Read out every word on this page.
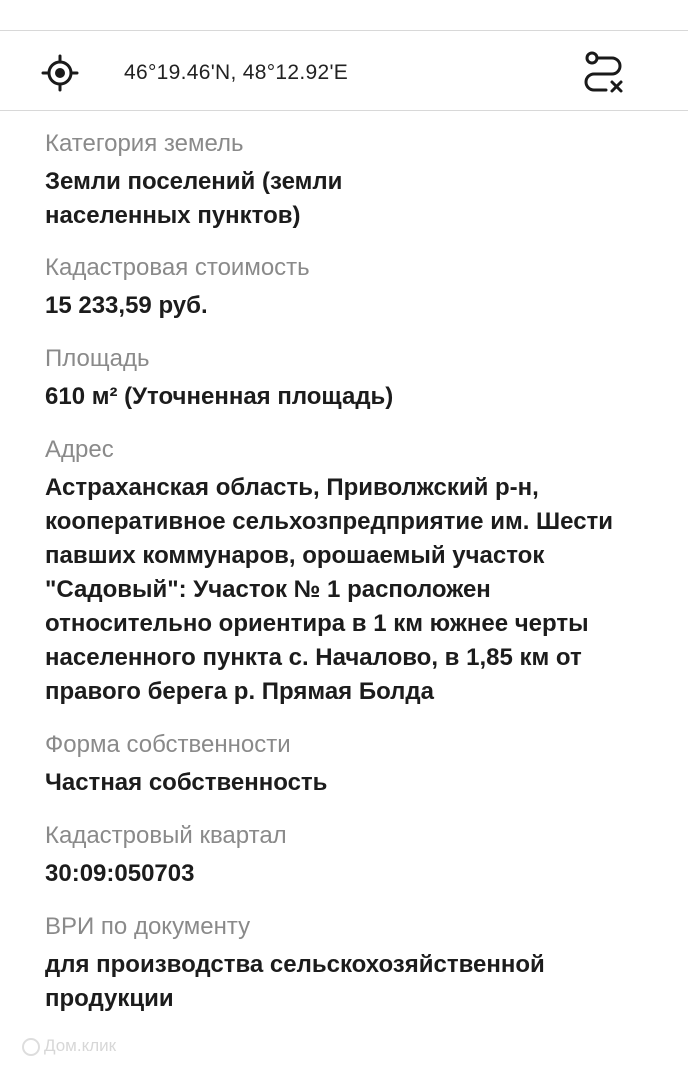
46°19.46'N, 48°12.92'E
Категория земель
Земли поселений (земли населенных пунктов)
Кадастровая стоимость
15 233,59 руб.
Площадь
610 м² (Уточненная площадь)
Адрес
Астраханская область, Приволжский р-н, кооперативное сельхозпредприятие им. Шести павших коммунаров, орошаемый участок "Садовый": Участок № 1 расположен относительно ориентира в 1 км южнее черты населенного пункта с. Началово, в 1,85 км от правого берега р. Прямая Болда
Форма собственности
Частная собственность
Кадастровый квартал
30:09:050703
ВРИ по документу
для производства сельскохозяйственной продукции
Дом.клик
